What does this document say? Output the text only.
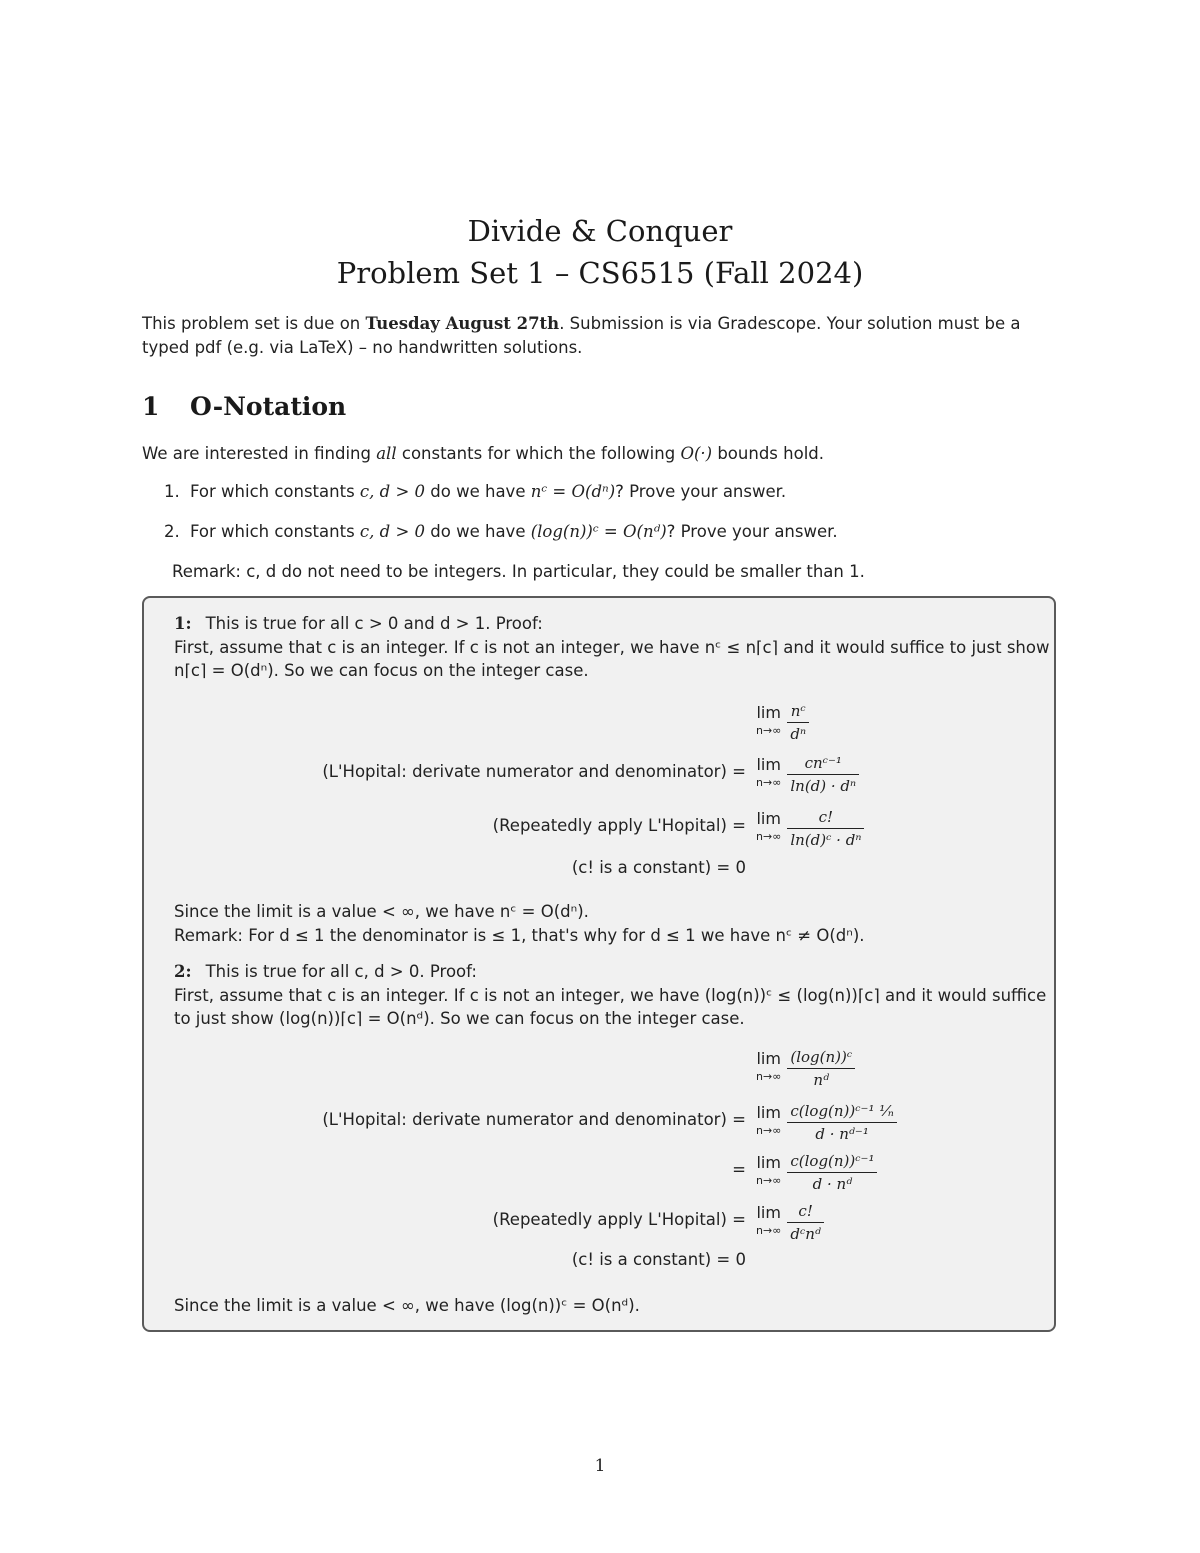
Divide & Conquer
Problem Set 1 – CS6515 (Fall 2024)
This problem set is due on Tuesday August 27th. Submission is via Gradescope. Your solution must be a typed pdf (e.g. via LaTeX) – no handwritten solutions.
1 O-Notation
We are interested in finding all constants for which the following O(·) bounds hold.
1. For which constants c, d > 0 do we have nᶜ = O(dⁿ)? Prove your answer.
2. For which constants c, d > 0 do we have (log(n))ᶜ = O(nᵈ)? Prove your answer.
Remark: c, d do not need to be integers. In particular, they could be smaller than 1.
1: This is true for all c > 0 and d > 1. Proof:
First, assume that c is an integer. If c is not an integer, we have nᶜ ≤ n⌈c⌉ and it would suffice to just show n⌈c⌉ = O(dⁿ). So we can focus on the integer case.
lim
$n\to\infty \frac{\text{nᶜ}}{\text{dⁿ}}$
(L'Hopital: derivate numerator and denominator) = lim
$n\to\infty \frac{\text{cnᶜ⁻¹}}{\text{ln(d) · dⁿ}}$
(Repeatedly apply L'Hopital) = lim
$n\to\infty \frac{c!}{\text{ln(d)ᶜ · dⁿ}}$
(c! is a constant) = 0
Since the limit is a value < ∞, we have nᶜ = O(dⁿ).
Remark: For d ≤ 1 the denominator is ≤ 1, that's why for d ≤ 1 we have nᶜ ≠ O(dⁿ).
2: This is true for all c, d > 0. Proof:
First, assume that c is an integer. If c is not an integer, we have (log(n))ᶜ ≤ (log(n))⌈c⌉ and it would suffice to just show (log(n))⌈c⌉ = O(nᵈ). So we can focus on the integer case.
lim
$n\to\infty \frac{\text{(log(n))ᶜ}}{\text{nᵈ}}$
(L'Hopital: derivate numerator and denominator) = lim
$n\to\infty \frac{\text{c(log(n))ᶜ⁻¹ ¹⁄ₙ}}{\text{d · nᵈ⁻¹}}$
= lim
$n\to\infty \frac{\text{c(log(n))ᶜ⁻¹}}{\text{d · nᵈ}}$
(Repeatedly apply L'Hopital) = lim
$n\to\infty \frac{c!}{\text{dᶜnᵈ}}$
(c! is a constant) = 0
Since the limit is a value < ∞, we have (log(n))ᶜ = O(nᵈ).
1
